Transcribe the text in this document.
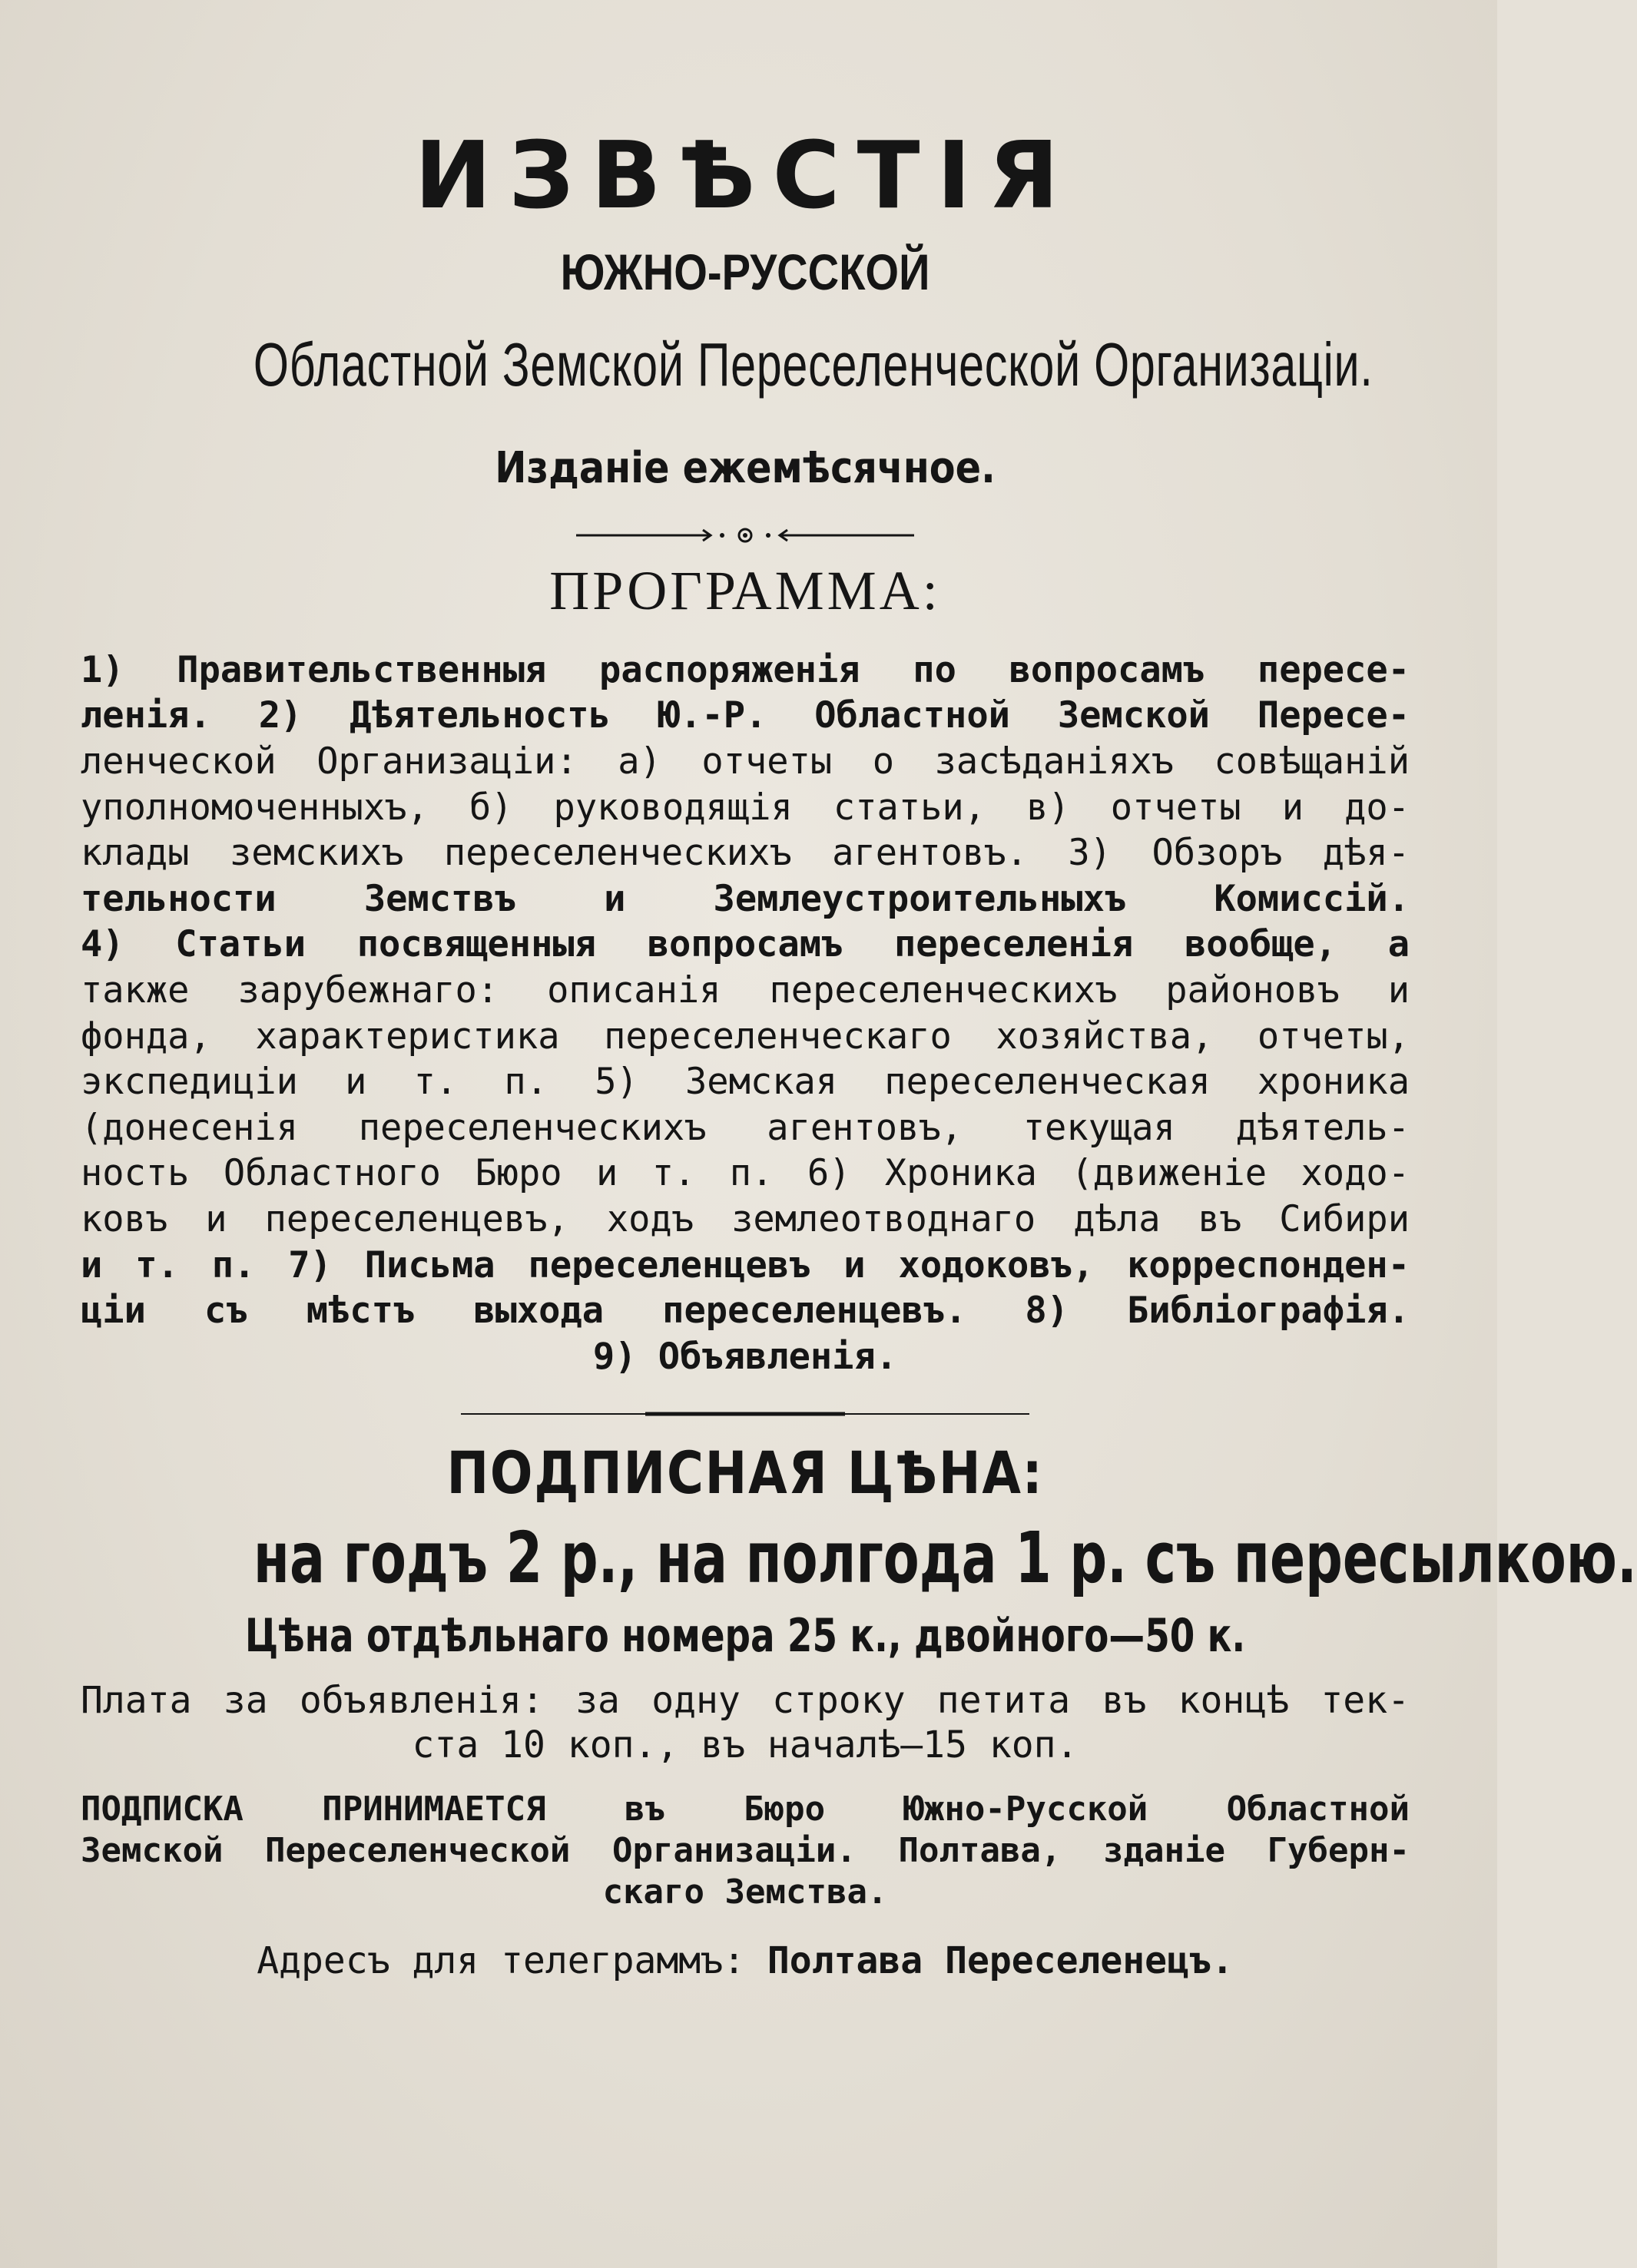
ИЗВѢСТІЯ
ЮЖНО-РУССКОЙ
Областной Земской Переселенческой Организаціи.
Изданіе ежемѣсячное.
ПРОГРАММА:
1) Правительственныя распоряженія по вопросамъ пересе-
ленія. 2) Дѣятельность Ю.-Р. Областной Земской Пересе-
ленческой Организаціи: а) отчеты о засѣданіяхъ совѣщаній
уполномоченныхъ, б) руководящія статьи, в) отчеты и до-
клады земскихъ переселенческихъ агентовъ. 3) Обзоръ дѣя-
тельности Земствъ и Землеустроительныхъ Комиссій.
4) Статьи посвященныя вопросамъ переселенія вообще, а
также зарубежнаго: описанія переселенческихъ районовъ и
фонда, характеристика переселенческаго хозяйства, отчеты,
экспедиціи и т. п. 5) Земская переселенческая хроника
(донесенія переселенческихъ агентовъ, текущая дѣятель-
ность Областного Бюро и т. п. 6) Хроника (движеніе ходо-
ковъ и переселенцевъ, ходъ землеотводнаго дѣла въ Сибири
и т. п. 7) Письма переселенцевъ и ходоковъ, корреспонден-
ціи съ мѣстъ выхода переселенцевъ. 8) Библіографія.
9) Объявленія.
ПОДПИСНАЯ ЦѢНА:
на годъ 2 р., на полгода 1 р. съ пересылкою.
Цѣна отдѣльнаго номера 25 к., двойного—50 к.
Плата за объявленія: за одну строку петита въ концѣ тек-
ста 10 коп., въ началѣ—15 коп.
ПОДПИСКА ПРИНИМАЕТСЯ въ Бюро Южно-Русской Областной
Земской Переселенческой Организаціи. Полтава, зданіе Губерн-
скаго Земства.
Адресъ для телеграммъ: Полтава Переселенецъ.
